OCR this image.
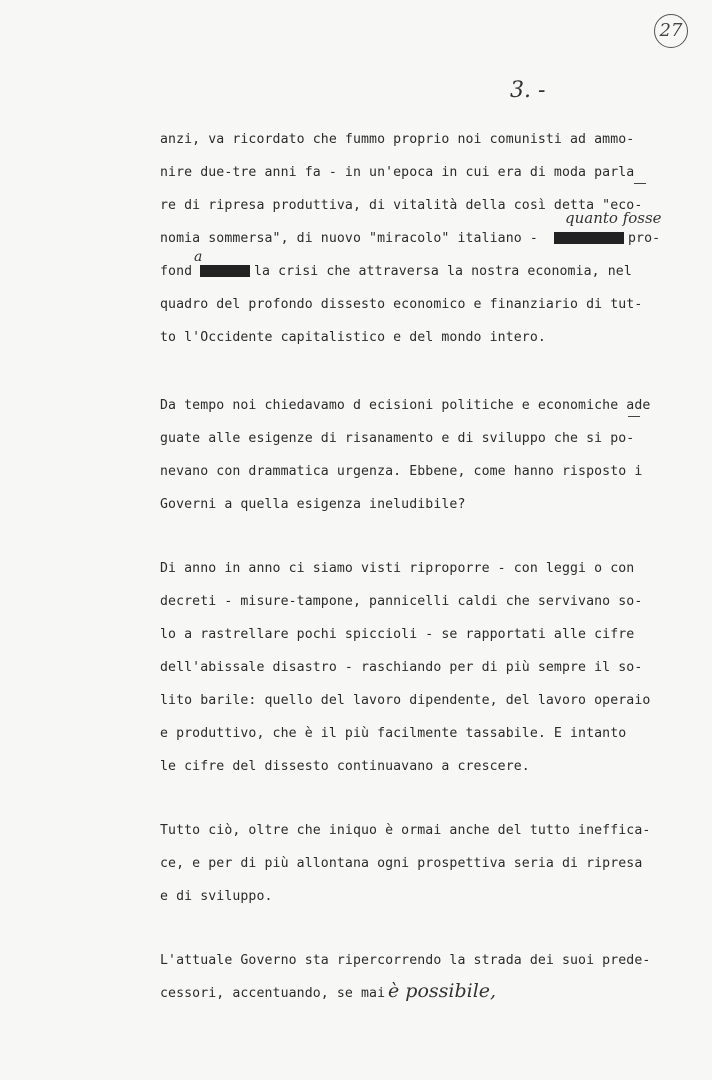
27
3. -
anzi, va ricordato che fummo proprio noi comunisti ad ammo-
nire due-tre anni fa - in un'epoca in cui era di moda parla
re di ripresa produttiva, di vitalità della così detta "eco-
quanto fosse
nomia sommersa", di nuovo "miracolo" italiano -	pro-
fond
a
la crisi che attraversa la nostra economia, nel
quadro del profondo dissesto economico e finanziario di tut-
to l'Occidente capitalistico e del mondo intero.
Da tempo noi chiedavamo d ecisioni politiche e economiche ade
guate alle esigenze di risanamento e di sviluppo che si po-
nevano con drammatica urgenza. Ebbene, come hanno risposto i
Governi a quella esigenza ineludibile?
Di anno in anno ci siamo visti riproporre - con leggi o con
decreti - misure-tampone, pannicelli caldi che servivano so-
lo a rastrellare pochi spiccioli - se rapportati alle cifre
dell'abissale disastro - raschiando per di più sempre il so-
lito barile: quello del lavoro dipendente, del lavoro operaio
e produttivo, che è il più facilmente tassabile. E intanto
le cifre del dissesto continuavano a crescere.
Tutto ciò, oltre che iniquo è ormai anche del tutto ineffica-
ce, e per di più allontana ogni prospettiva seria di ripresa
e di sviluppo.
L'attuale Governo sta ripercorrendo la strada dei suoi prede-
cessori, accentuando, se mai è possibile,
